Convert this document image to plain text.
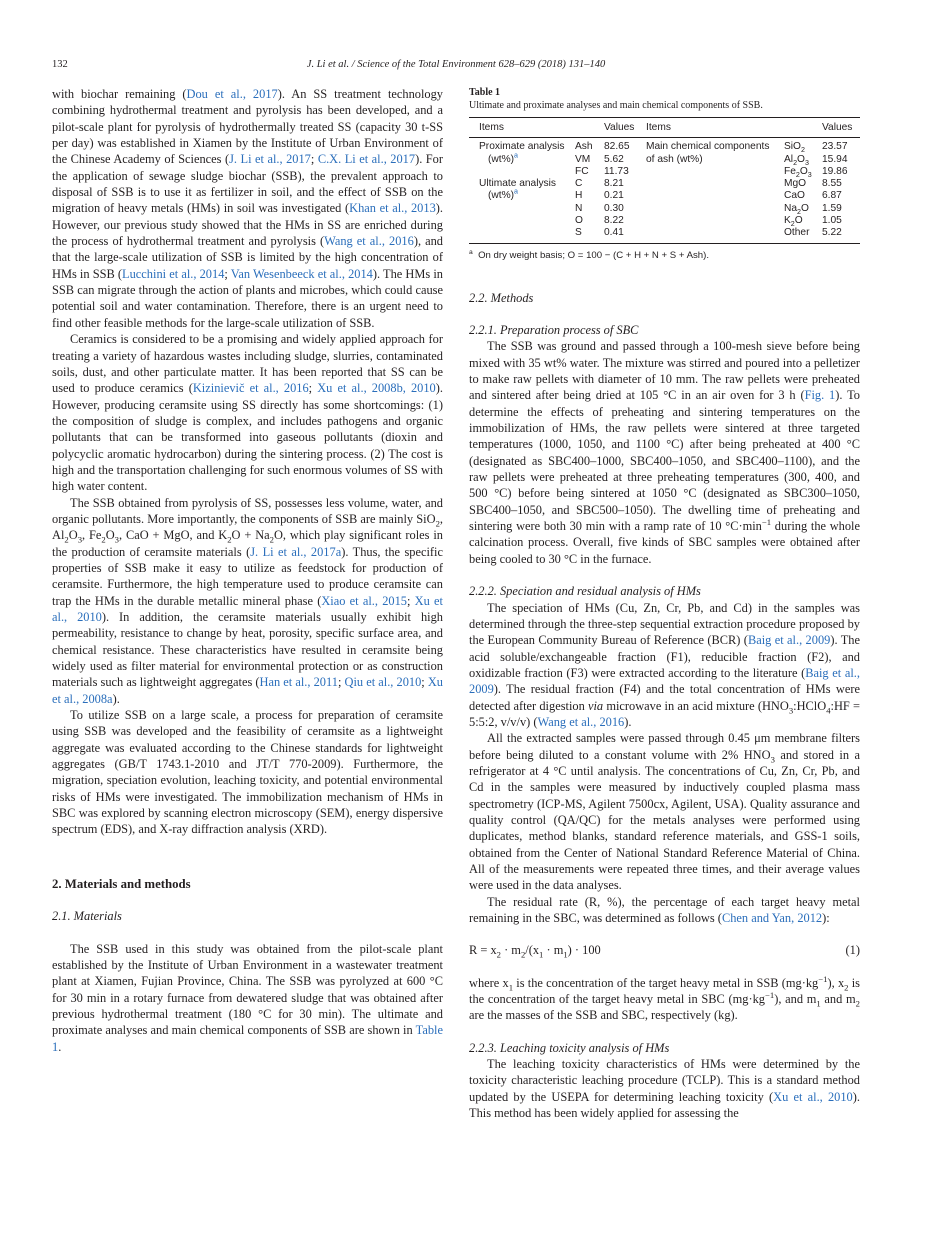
132	J. Li et al. / Science of the Total Environment 628–629 (2018) 131–140

with biochar remaining (Dou et al., 2017). An SS treatment technology combining hydrothermal treatment and pyrolysis has been developed, and a pilot-scale plant for pyrolysis of hydrothermally treated SS (capacity 30 t-SS per day) was established in Xiamen by the Institute of Urban Environment of the Chinese Academy of Sciences (J. Li et al., 2017; C.X. Li et al., 2017). For the application of sewage sludge biochar (SSB), the prevalent approach to disposal of SSB is to use it as fertilizer in soil, and the effect of SSB on the migration of heavy metals (HMs) in soil was investigated (Khan et al., 2013). However, our previous study showed that the HMs in SS are enriched during the process of hydrothermal treatment and pyrolysis (Wang et al., 2016), and that the large-scale utilization of SSB is limited by the high concentration of HMs in SSB (Lucchini et al., 2014; Van Wesenbeeck et al., 2014). The HMs in SSB can migrate through the action of plants and microbes, which could cause potential soil and water contamination. Therefore, there is an urgent need to find other feasible methods for the large-scale utilization of SSB.

Ceramics is considered to be a promising and widely applied approach for treating a variety of hazardous wastes including sludge, slurries, contaminated soils, dust, and other particulate matter. It has been reported that SS can be used to produce ceramics (Kizinievič et al., 2016; Xu et al., 2008b, 2010). However, producing ceramsite using SS directly has some shortcomings: (1) the composition of sludge is complex, and includes pathogens and organic pollutants that can be transformed into gaseous pollutants (dioxin and polycyclic aromatic hydrocarbon) during the sintering process. (2) The cost is high and the transportation challenging for such enormous volumes of SS with high water content.

The SSB obtained from pyrolysis of SS, possesses less volume, water, and organic pollutants. More importantly, the components of SSB are mainly SiO$_2$, $Al_2O_3$, $Fe_2O_3$, CaO + MgO, and $K_2O + Na_2O$, which play significant roles in the production of ceramsite materials (J. Li et al., 2017a). Thus, the specific properties of SSB make it easy to utilize as feedstock for production of ceramsite. Furthermore, the high temperature used to produce ceramsite can trap the HMs in the durable metallic mineral phase (Xiao et al., 2015; Xu et al., 2010). In addition, the ceramsite materials usually exhibit high permeability, resistance to change by heat, porosity, specific surface area, and chemical resistance. These characteristics have resulted in ceramsite being widely used as filter material for environmental protection or as construction materials such as lightweight aggregates (Han et al., 2011; Qiu et al., 2010; Xu et al., 2008a).

To utilize SSB on a large scale, a process for preparation of ceramsite using SSB was developed and the feasibility of ceramsite as a lightweight aggregate was evaluated according to the Chinese standards for lightweight aggregates (GB/T 1743.1-2010 and JT/T 770-2009). Furthermore, the migration, speciation evolution, leaching toxicity, and potential environmental risks of HMs were investigated. The immobilization mechanism of HMs in SBC was explored by scanning electron microscopy (SEM), energy dispersive spectrum (EDS), and X-ray diffraction analysis (XRD).

2. Materials and methods
2.1. Materials

The SSB used in this study was obtained from the pilot-scale plant established by the Institute of Urban Environment in a wastewater treatment plant at Xiamen, Fujian Province, China. The SSB was pyrolyzed at 600 °C for 30 min in a rotary furnace from dewatered sludge that was obtained after previous hydrothermal treatment (180 °C for 30 min). The ultimate and proximate analyses and main chemical components of SSB are shown in Table 1.

Table 1
Ultimate and proximate analyses and main chemical components of SSB.
Items		Values	Items		Values
Proximate analysis	Ash	82.65	Main chemical components	SiO$_2$	23.57
$(wt\%)^a$	VM	5.62	of ash (wt%)	$Al_2O_3$	15.94
	FC	11.73		$Fe_2O_3$	19.86
Ultimate analysis	C	8.21		MgO	8.55
$(wt\%)^a$	H	0.21		CaO	6.87
	N	0.30		$Na_2O$	1.59
	O	8.22		$K_2O$	1.05
	S	0.41		Other	5.22
$^a$ On dry weight basis; O = 100 − (C + H + N + S + Ash).
2.2. Methods
2.2.1. Preparation process of SBC

The SSB was ground and passed through a 100-mesh sieve before being mixed with 35 wt% water. The mixture was stirred and poured into a pelletizer to make raw pellets with diameter of 10 mm. The raw pellets were preheated and sintered after being dried at 105 °C in an air oven for 3 h (Fig. 1). To determine the effects of preheating and sintering temperatures on the immobilization of HMs, the raw pellets were sintered at three targeted temperatures (1000, 1050, and 1100 °C) after being preheated at 400 °C (designated as SBC400–1000, SBC400–1050, and SBC400–1100), and the raw pellets were preheated at three preheating temperatures (300, 400, and 500 °C) before being sintered at 1050 °C (designated as SBC300–1050, SBC400–1050, and SBC500–1050). The dwelling time of preheating and sintering were both 30 min with a ramp rate of 10 $^\circ C\cdot\min^{-1}$ during the whole calcination process. Overall, five kinds of SBC samples were obtained after being cooled to 30 °C in the furnace.

2.2.2. Speciation and residual analysis of HMs

The speciation of HMs (Cu, Zn, Cr, Pb, and Cd) in the samples was determined through the three-step sequential extraction procedure proposed by the European Community Bureau of Reference (BCR) (Baig et al., 2009). The acid soluble/exchangeable fraction (F1), reducible fraction (F2), and oxidizable fraction (F3) were extracted according to the literature (Baig et al., 2009). The residual fraction (F4) and the total concentration of HMs were detected after digestion via microwave in an acid mixture ($HNO_3:HClO_4:HF$ = 5:5:2, v/v/v) (Wang et al., 2016).

All the extracted samples were passed through 0.45 μm membrane filters before being diluted to a constant volume with 2% $HNO_3$ and stored in a refrigerator at 4 °C until analysis. The concentrations of Cu, Zn, Cr, Pb, and Cd in the samples were measured by inductively coupled plasma mass spectrometry (ICP-MS, Agilent 7500cx, Agilent, USA). Quality assurance and quality control (QA/QC) for the metals analyses were performed using duplicates, method blanks, standard reference materials, and GSS-1 soils, obtained from the Center of National Standard Reference Material of China. All of the measurements were repeated three times, and their average values were used in the data analyses.

The residual rate (R, %), the percentage of each target heavy metal remaining in the SBC, was determined as follows (Chen and Yan, 2012):

$R = x_2 \cdot m_2/(x_1 \cdot m_1) \cdot 100$	(1)

where $x_1$ is the concentration of the target heavy metal in SSB $(mg\cdot kg^{-1})$, $x_2$ is the concentration of the target heavy metal in SBC $(mg\cdot kg^{-1})$, and $m_1$ and $m_2$ are the masses of the SSB and SBC, respectively (kg).

2.2.3. Leaching toxicity analysis of HMs

The leaching toxicity characteristics of HMs were determined by the toxicity characteristic leaching procedure (TCLP). This is a standard method updated by the USEPA for determining leaching toxicity (Xu et al., 2010). This method has been widely applied for assessing the
